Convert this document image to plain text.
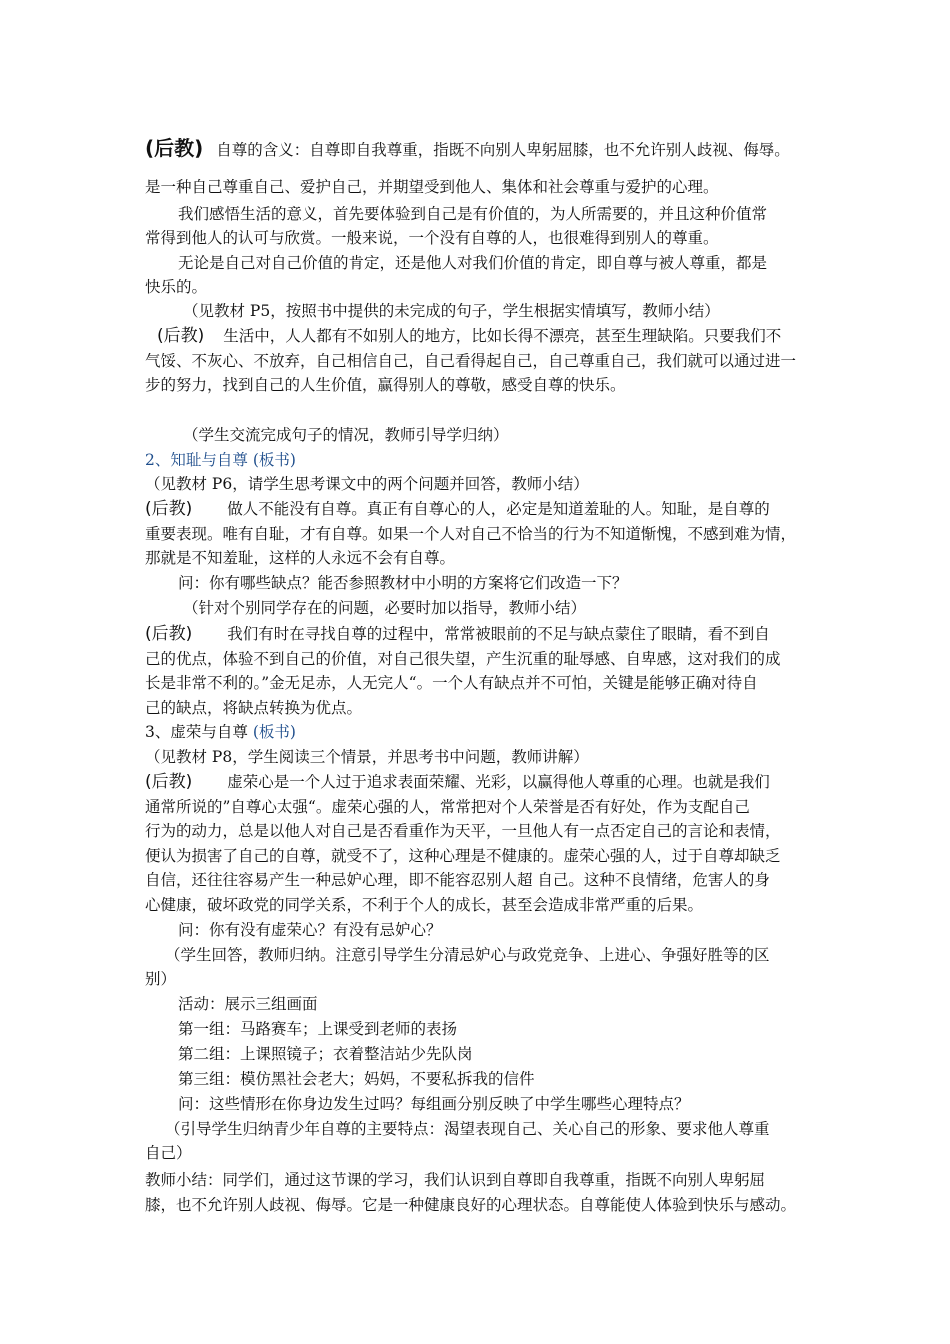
(后教) 自尊的含义：自尊即自我尊重，指既不向别人卑躬屈膝，也不允许别人歧视、侮辱。
是一种自己尊重自己、爱护自己，并期望受到他人、集体和社会尊重与爱护的心理。
我们感悟生活的意义，首先要体验到自己是有价值的，为人所需要的，并且这种价值常
常得到他人的认可与欣赏。一般来说，一个没有自尊的人，也很难得到别人的尊重。
无论是自己对自己价值的肯定，还是他人对我们价值的肯定，即自尊与被人尊重，都是
快乐的。
（见教材 P5，按照书中提供的未完成的句子，学生根据实情填写，教师小结）
(后教) 生活中，人人都有不如别人的地方，比如长得不漂亮，甚至生理缺陷。只要我们不
气馁、不灰心、不放弃，自己相信自己，自己看得起自己，自己尊重自己，我们就可以通过进一
步的努力，找到自己的人生价值，赢得别人的尊敬，感受自尊的快乐。
（学生交流完成句子的情况，教师引导学归纳）
2、知耻与自尊 (板书)
（见教材 P6，请学生思考课文中的两个问题并回答，教师小结）
(后教) 做人不能没有自尊。真正有自尊心的人，必定是知道羞耻的人。知耻，是自尊的
重要表现。唯有自耻，才有自尊。如果一个人对自己不恰当的行为不知道惭愧，不感到难为情，
那就是不知羞耻，这样的人永远不会有自尊。
问：你有哪些缺点？能否参照教材中小明的方案将它们改造一下？
（针对个别同学存在的问题，必要时加以指导，教师小结）
(后教) 我们有时在寻找自尊的过程中，常常被眼前的不足与缺点蒙住了眼睛，看不到自
己的优点，体验不到自己的价值，对自己很失望，产生沉重的耻辱感、自卑感，这对我们的成
长是非常不利的。”金无足赤，人无完人“。一个人有缺点并不可怕，关键是能够正确对待自
己的缺点，将缺点转换为优点。
3、虚荣与自尊 (板书)
（见教材 P8，学生阅读三个情景，并思考书中问题，教师讲解）
(后教) 虚荣心是一个人过于追求表面荣耀、光彩，以赢得他人尊重的心理。也就是我们
通常所说的”自尊心太强“。虚荣心强的人，常常把对个人荣誉是否有好处，作为支配自己
行为的动力，总是以他人对自己是否看重作为天平，一旦他人有一点否定自己的言论和表情，
便认为损害了自己的自尊，就受不了，这种心理是不健康的。虚荣心强的人，过于自尊却缺乏
自信，还往往容易产生一种忌妒心理，即不能容忍别人超 自己。这种不良情绪，危害人的身
心健康，破坏政党的同学关系，不利于个人的成长，甚至会造成非常严重的后果。
问：你有没有虚荣心？有没有忌妒心？
（学生回答，教师归纳。注意引导学生分清忌妒心与政党竞争、上进心、争强好胜等的区
别）
活动：展示三组画面
第一组：马路赛车；上课受到老师的表扬
第二组：上课照镜子；衣着整洁站少先队岗
第三组：模仿黑社会老大；妈妈，不要私拆我的信件
问：这些情形在你身边发生过吗？每组画分别反映了中学生哪些心理特点？
（引导学生归纳青少年自尊的主要特点：渴望表现自己、关心自己的形象、要求他人尊重
自己）
教师小结：同学们，通过这节课的学习，我们认识到自尊即自我尊重，指既不向别人卑躬屈
膝，也不允许别人歧视、侮辱。它是一种健康良好的心理状态。自尊能使人体验到快乐与感动。
